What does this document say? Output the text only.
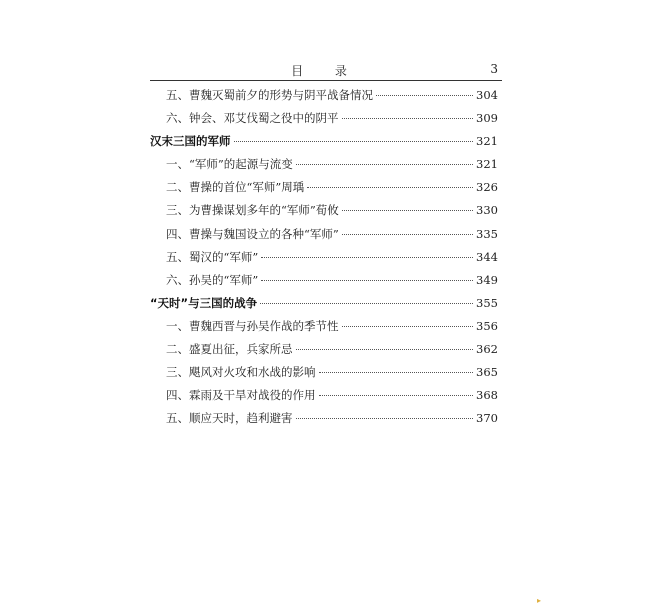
目 录	3
五、曹魏灭蜀前夕的形势与阴平战备情况	304
六、钟会、邓艾伐蜀之役中的阴平	309
汉末三国的军师	321
一、“军师”的起源与流变	321
二、曹操的首位“军师”周瑀	326
三、为曹操谋划多年的“军师”荀攸	330
四、曹操与魏国设立的各种“军师”	335
五、蜀汉的“军师”	344
六、孙吴的“军师”	349
“天时”与三国的战争	355
一、曹魏西晋与孙吴作战的季节性	356
二、盛夏出征，兵家所忌	362
三、飓风对火攻和水战的影响	365
四、霖雨及干旱对战役的作用	368
五、顺应天时，趋利避害	370
▸
